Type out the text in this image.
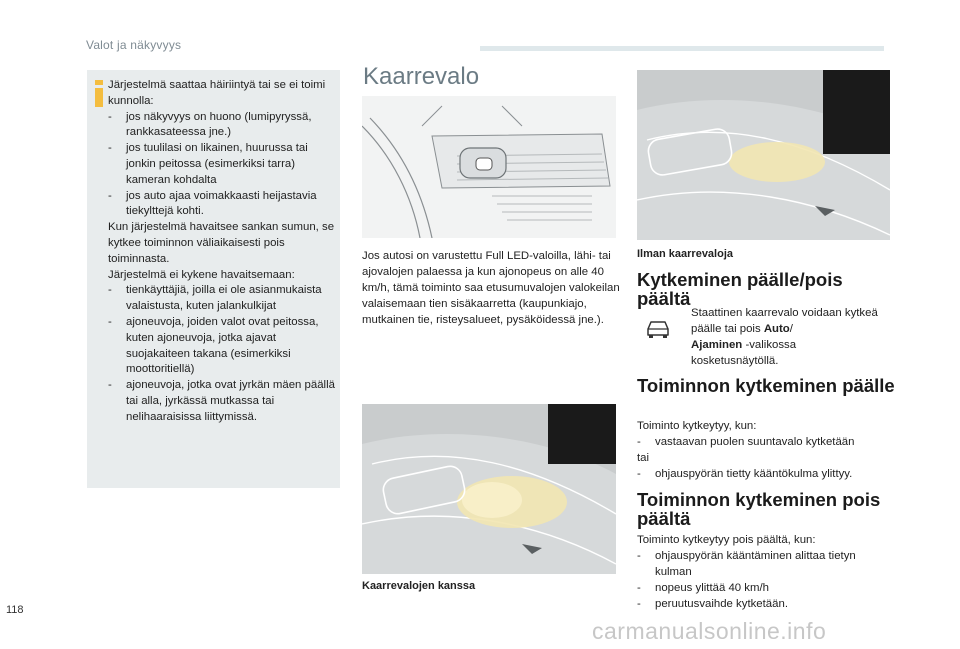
Valot ja näkyvyys

Järjestelmä saattaa häiriintyä tai se ei toimi kunnolla:

- jos näkyvyys on huono (lumipyryssä, rankkasateessa jne.)

- jos tuulilasi on likainen, huurussa tai jonkin peitossa (esimerkiksi tarra) kameran kohdalta

- jos auto ajaa voimakkaasti heijastavia tiekylttejä kohti.

Kun järjestelmä havaitsee sankan sumun, se kytkee toiminnon väliaikaisesti pois toiminnasta.

Järjestelmä ei kykene havaitsemaan:

- tienkäyttäjiä, joilla ei ole asianmukaista valaistusta, kuten jalankulkijat

- ajoneuvoja, joiden valot ovat peitossa, kuten ajoneuvoja, jotka ajavat suojakaiteen takana (esimerkiksi moottoritiellä)

- ajoneuvoja, jotka ovat jyrkän mäen päällä tai alla, jyrkässä mutkassa tai nelihaaraisissa liittymissä.

Kaarrevalo
Jos autosi on varustettu Full LED-valoilla, lähi- tai ajovalojen palaessa ja kun ajonopeus on alle 40 km/h, tämä toiminto saa etusumuvalojen valokeilan valaisemaan tien sisäkaarretta (kaupunkiajo, mutkainen tie, risteysalueet, pysäköidessä jne.).
Kaarrevalojen kanssa
Ilman kaarrevaloja
Kytkeminen päälle/pois päältä
Staattinen kaarrevalo voidaan kytkeä päälle tai pois Auto/
Ajaminen -valikossa kosketusnäytöllä.
Toiminnon kytkeminen päälle
Toiminto kytkeytyy, kun:
- vastaavan puolen suuntavalo kytketään
tai
- ohjauspyörän tietty kääntökulma ylittyy.
Toiminnon kytkeminen pois päältä
Toiminto kytkeytyy pois päältä, kun:
- ohjauspyörän kääntäminen alittaa tietyn kulman
- nopeus ylittää 40 km/h
- peruutusvaihde kytketään.
118
carmanualsonline.info
